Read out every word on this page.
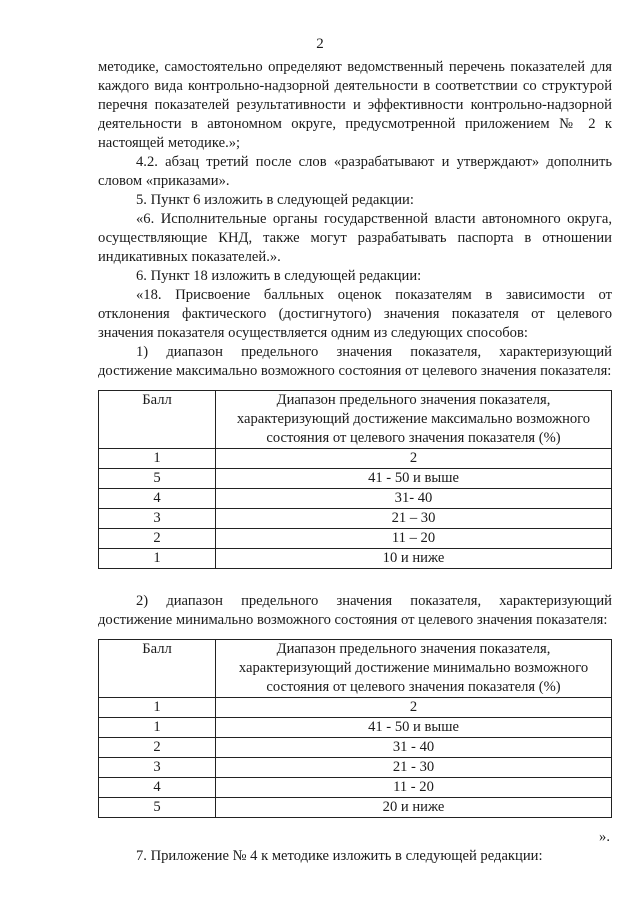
2

методике, самостоятельно определяют ведомственный перечень показателей для каждого вида контрольно-надзорной деятельности в соответствии со структурой перечня показателей результативности и эффективности контрольно-надзорной деятельности в автономном округе, предусмотренной приложением № 2 к настоящей методике.»;

4.2. абзац третий после слов «разрабатывают и утверждают» дополнить словом «приказами».

5. Пункт 6 изложить в следующей редакции:

«6. Исполнительные органы государственной власти автономного округа, осуществляющие КНД, также могут разрабатывать паспорта в отношении индикативных показателей.».

6. Пункт 18 изложить в следующей редакции:

«18. Присвоение балльных оценок показателям в зависимости от отклонения фактического (достигнутого) значения показателя от целевого значения показателя осуществляется одним из следующих способов:

1) диапазон предельного значения показателя, характеризующий достижение максимально возможного состояния от целевого значения показателя:

Балл	Диапазон предельного значения показателя, характеризующий достижение максимально возможного состояния от целевого значения показателя (%)
1	2
5	41 - 50 и выше
4	31- 40
3	21 – 30
2	11 – 20
1	10 и ниже

2) диапазон предельного значения показателя, характеризующий достижение минимально возможного состояния от целевого значения показателя:

Балл	Диапазон предельного значения показателя, характеризующий достижение минимально возможного состояния от целевого значения показателя (%)
1	2
1	41 - 50 и выше
2	31 - 40
3	21 - 30
4	11 - 20
5	20 и ниже
».

7. Приложение № 4 к методике изложить в следующей редакции:
